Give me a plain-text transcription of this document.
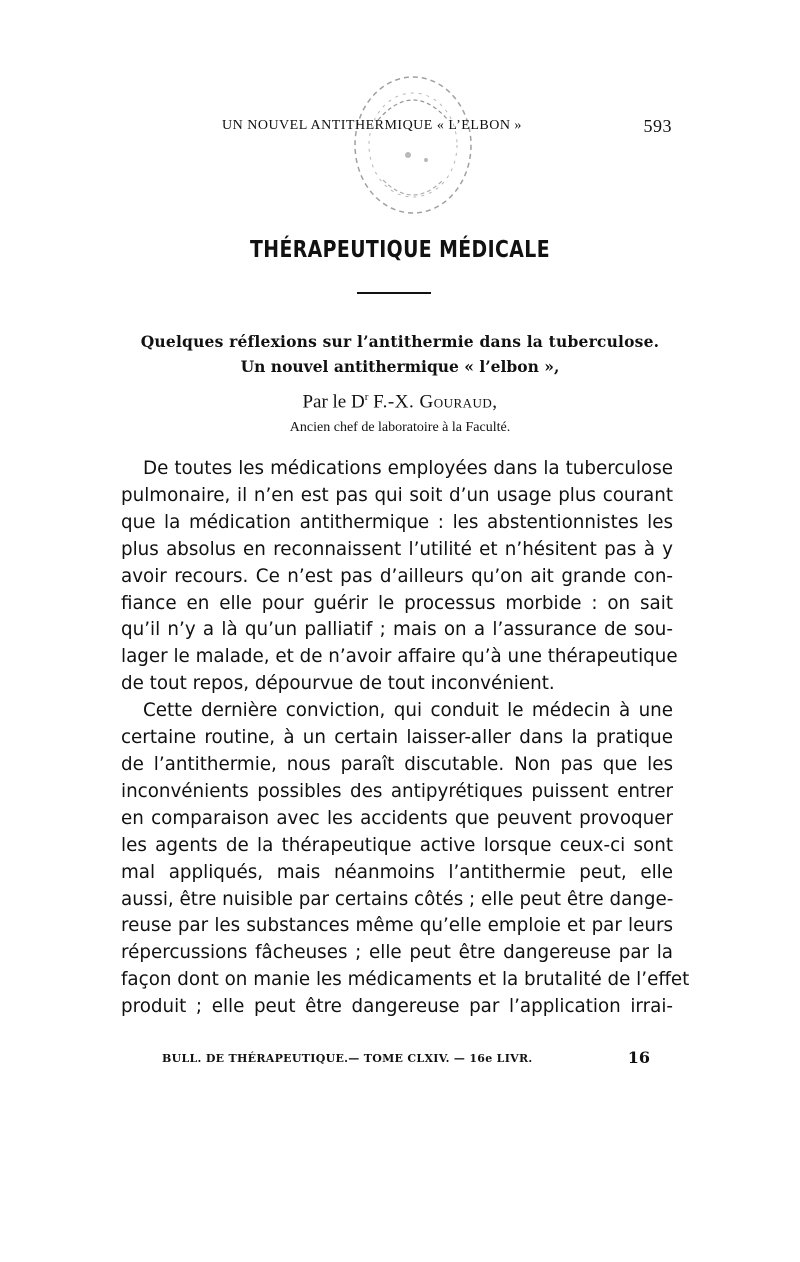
UN NOUVEL ANTITHERMIQUE « L’ELBON »	593
THÉRAPEUTIQUE MÉDICALE
Quelques réflexions sur l’antithermie dans la tuberculose.
Un nouvel antithermique « l’elbon »,
Par le $D^r$ F.-X. Gouraud,
Ancien chef de laboratoire à la Faculté.

De toutes les médications employées dans la tuberculose
pulmonaire, il n’en est pas qui soit d’un usage plus courant
que la médication antithermique : les abstentionnistes les
plus absolus en reconnaissent l’utilité et n’hésitent pas à y
avoir recours. Ce n’est pas d’ailleurs qu’on ait grande con-
fiance en elle pour guérir le processus morbide : on sait
qu’il n’y a là qu’un palliatif ; mais on a l’assurance de sou-
lager le malade, et de n’avoir affaire qu’à une thérapeutique
de tout repos, dépourvue de tout inconvénient.

Cette dernière conviction, qui conduit le médecin à une
certaine routine, à un certain laisser-aller dans la pratique
de l’antithermie, nous paraît discutable. Non pas que les
inconvénients possibles des antipyrétiques puissent entrer
en comparaison avec les accidents que peuvent provoquer
les agents de la thérapeutique active lorsque ceux-ci sont
mal appliqués, mais néanmoins l’antithermie peut, elle
aussi, être nuisible par certains côtés ; elle peut être dange-
reuse par les substances même qu’elle emploie et par leurs
répercussions fâcheuses ; elle peut être dangereuse par la
façon dont on manie les médicaments et la brutalité de l’effet
produit ; elle peut être dangereuse par l’application irrai-

BULL. DE THÉRAPEUTIQUE.— TOME CLXIV. — 16e LIVR.	16
